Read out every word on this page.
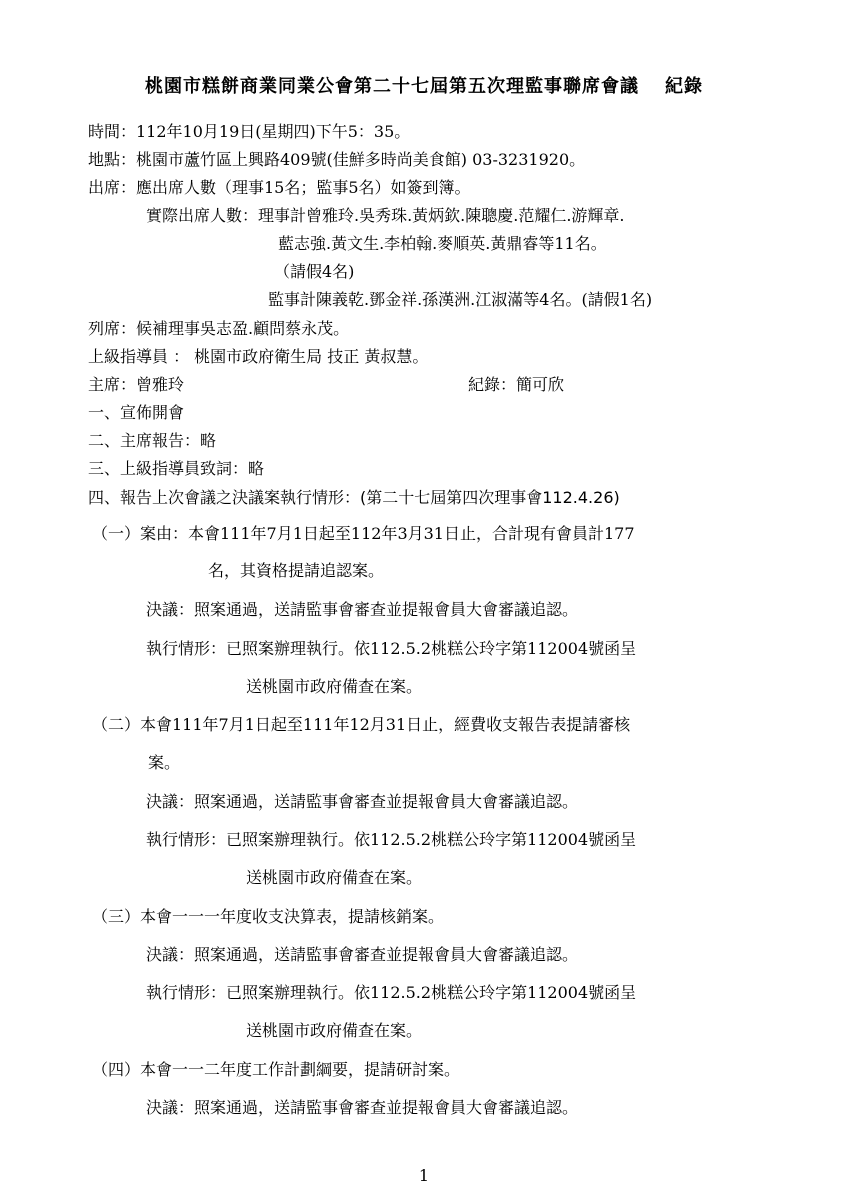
桃園市糕餅商業同業公會第二十七屆第五次理監事聯席會議 紀錄
時間：112年10月19日(星期四)下午5：35。
地點：桃園市蘆竹區上興路409號(佳鮮多時尚美食館) 03-3231920。
出席：應出席人數（理事15名；監事5名）如簽到簿。
實際出席人數：理事計曾雅玲.吳秀珠.黃炳欽.陳聰慶.范耀仁.游輝章.
藍志強.黃文生.李柏翰.麥順英.黃鼎睿等11名。
（請假4名)
監事計陳義乾.鄧金祥.孫漢洲.江淑滿等4名。(請假1名)
列席：候補理事吳志盈.顧問蔡永茂。
上級指導員 ： 桃園市政府衛生局 技正 黃叔慧。
主席：曾雅玲	紀錄：簡可欣
一、宣佈開會
二、主席報告：略
三、上級指導員致詞：略
四、報告上次會議之決議案執行情形：(第二十七屆第四次理事會112.4.26)
（一）案由：本會111年7月1日起至112年3月31日止，合計現有會員計177
名，其資格提請追認案。
決議：照案通過，送請監事會審查並提報會員大會審議追認。
執行情形：已照案辦理執行。依112.5.2桃糕公玲字第112004號函呈
送桃園市政府備查在案。
（二）本會111年7月1日起至111年12月31日止，經費收支報告表提請審核
案。
決議：照案通過，送請監事會審查並提報會員大會審議追認。
執行情形：已照案辦理執行。依112.5.2桃糕公玲字第112004號函呈
送桃園市政府備查在案。
（三）本會一一一年度收支決算表，提請核銷案。
決議：照案通過，送請監事會審查並提報會員大會審議追認。
執行情形：已照案辦理執行。依112.5.2桃糕公玲字第112004號函呈
送桃園市政府備查在案。
（四）本會一一二年度工作計劃綱要，提請研討案。
決議：照案通過，送請監事會審查並提報會員大會審議追認。
1
